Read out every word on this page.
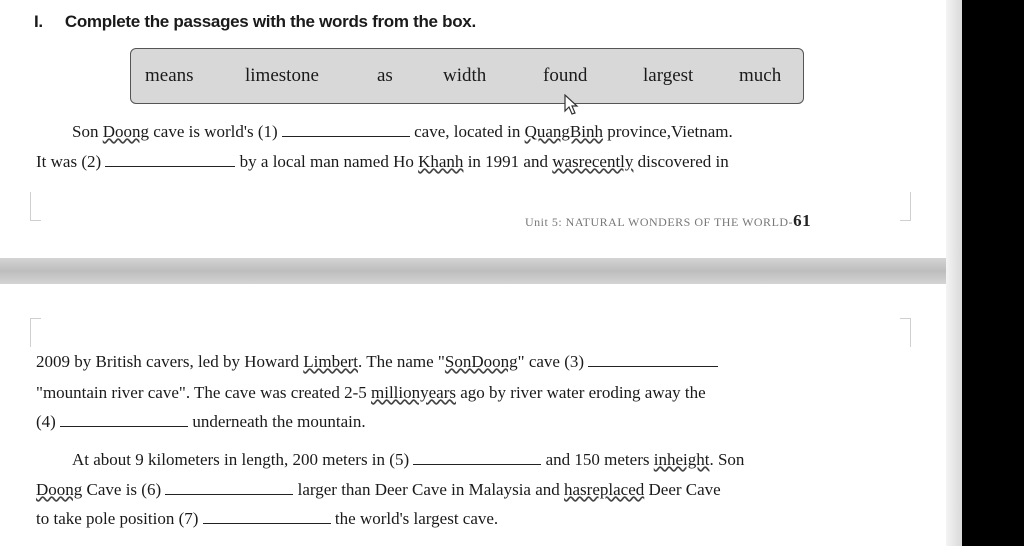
I. Complete the passages with the words from the box.
means	limestone	as	width	found	largest much
Son Doong cave is world's (1)	cave, located in QuangBinh province,Vietnam.
It was (2)	by a local man named Ho Khanh in 1991 and wasrecently discovered in
Unit 5: NATURAL WONDERS OF THE WORLD-61
2009 by British cavers, led by Howard Limbert. The name "SonDoong" cave (3)
"mountain river cave". The cave was created 2-5 millionyears ago by river water eroding away the
(4)	underneath the mountain.
At about 9 kilometers in length, 200 meters in (5)	and 150 meters inheight. Son
Doong Cave is (6)	larger than Deer Cave in Malaysia and hasreplaced Deer Cave
to take pole position (7)	the world's largest cave.
